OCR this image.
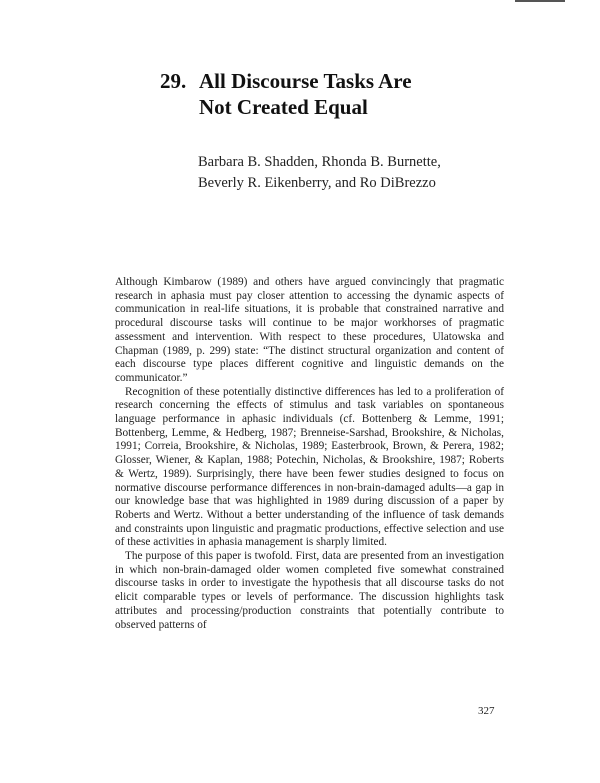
29. All Discourse Tasks Are
Not Created Equal
Barbara B. Shadden, Rhonda B. Burnette,
Beverly R. Eikenberry, and Ro DiBrezzo

Although Kimbarow (1989) and others have argued convincingly that pragmatic research in aphasia must pay closer attention to accessing the dynamic aspects of communication in real-life situations, it is probable that constrained narrative and procedural discourse tasks will continue to be major workhorses of pragmatic assessment and intervention. With respect to these procedures, Ulatowska and Chapman (1989, p. 299) state: “The distinct structural organization and content of each discourse type places different cognitive and linguistic demands on the communicator.”

Recognition of these potentially distinctive differences has led to a proliferation of research concerning the effects of stimulus and task variables on spontaneous language performance in aphasic individuals (cf. Bottenberg & Lemme, 1991; Bottenberg, Lemme, & Hedberg, 1987; Brenneise-Sarshad, Brookshire, & Nicholas, 1991; Correia, Brookshire, & Nicholas, 1989; Easterbrook, Brown, & Perera, 1982; Glosser, Wiener, & Kaplan, 1988; Potechin, Nicholas, & Brookshire, 1987; Roberts & Wertz, 1989). Surprisingly, there have been fewer studies designed to focus on normative discourse performance differences in non-brain-damaged adults—a gap in our knowledge base that was highlighted in 1989 during discussion of a paper by Roberts and Wertz. Without a better understanding of the influence of task demands and constraints upon linguistic and pragmatic productions, effective selection and use of these activities in aphasia management is sharply limited.

The purpose of this paper is twofold. First, data are presented from an investigation in which non-brain-damaged older women completed five somewhat constrained discourse tasks in order to investigate the hypothesis that all discourse tasks do not elicit comparable types or levels of performance. The discussion highlights task attributes and processing/production constraints that potentially contribute to observed patterns of

327
